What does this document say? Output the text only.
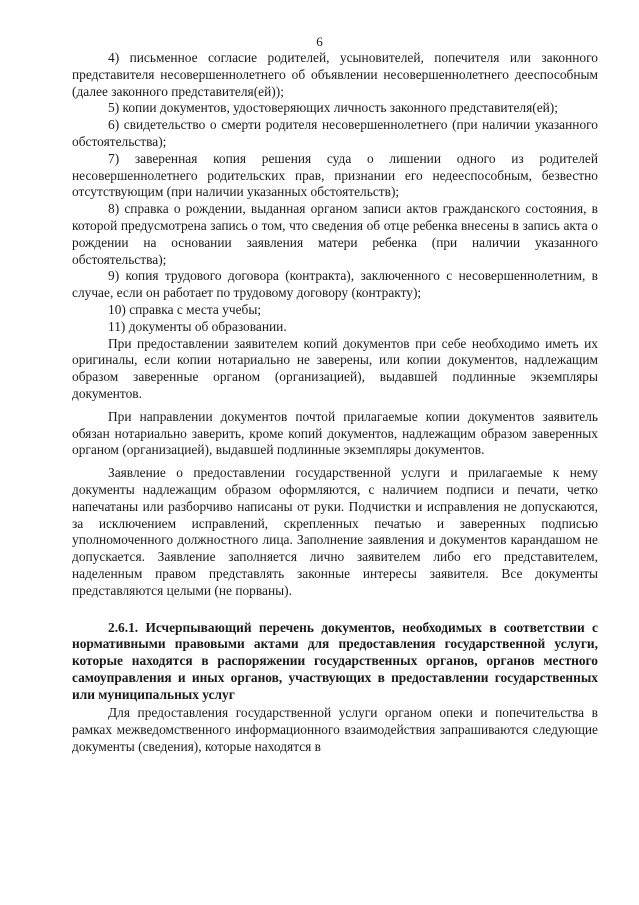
6

4) письменное согласие родителей, усыновителей, попечителя или законного представителя несовершеннолетнего об объявлении несовершеннолетнего дееспособным (далее законного представителя(ей));

5) копии документов, удостоверяющих личность законного представителя(ей);

6) свидетельство о смерти родителя несовершеннолетнего (при наличии указанного обстоятельства);

7) заверенная копия решения суда о лишении одного из родителей несовершеннолетнего родительских прав, признании его недееспособным, безвестно отсутствующим (при наличии указанных обстоятельств);

8) справка о рождении, выданная органом записи актов гражданского состояния, в которой предусмотрена запись о том, что сведения об отце ребенка внесены в запись акта о рождении на основании заявления матери ребенка (при наличии указанного обстоятельства);

9) копия трудового договора (контракта), заключенного с несовершеннолетним, в случае, если он работает по трудовому договору (контракту);

10) справка с места учебы;

11) документы об образовании.

При предоставлении заявителем копий документов при себе необходимо иметь их оригиналы, если копии нотариально не заверены, или копии документов, надлежащим образом заверенные органом (организацией), выдавшей подлинные экземпляры документов.

При направлении документов почтой прилагаемые копии документов заявитель обязан нотариально заверить, кроме копий документов, надлежащим образом заверенных органом (организацией), выдавшей подлинные экземпляры документов.

Заявление о предоставлении государственной услуги и прилагаемые к нему документы надлежащим образом оформляются, с наличием подписи и печати, четко напечатаны или разборчиво написаны от руки. Подчистки и исправления не допускаются, за исключением исправлений, скрепленных печатью и заверенных подписью уполномоченного должностного лица. Заполнение заявления и документов карандашом не допускается. Заявление заполняется лично заявителем либо его представителем, наделенным правом представлять законные интересы заявителя. Все документы представляются целыми (не порваны).

2.6.1. Исчерпывающий перечень документов, необходимых в соответствии с нормативными правовыми актами для предоставления государственной услуги, которые находятся в распоряжении государственных органов, органов местного самоуправления и иных органов, участвующих в предоставлении государственных или муниципальных услуг

Для предоставления государственной услуги органом опеки и попечительства в рамках межведомственного информационного взаимодействия запрашиваются следующие документы (сведения), которые находятся в
